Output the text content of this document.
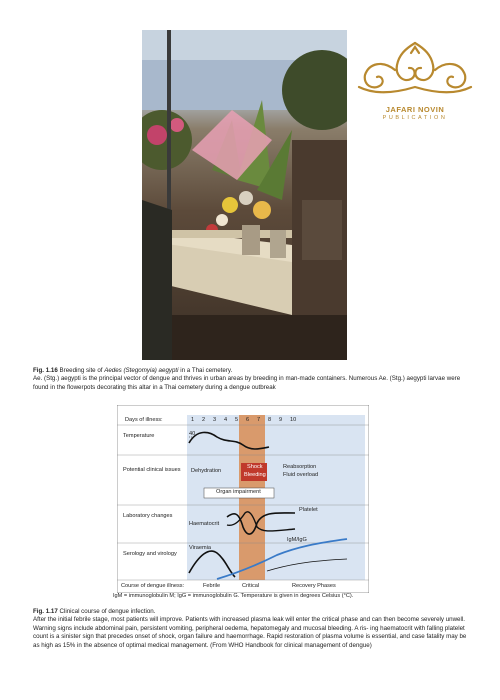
JAFARI NOVIN
PUBLICATION
Fig. 1.16 Breeding site of Aedes (Stegomyia) aegypti in a Thai cemetery.
Ae. (Stg.) aegypti is the principal vector of dengue and thrives in urban areas by breeding in man-made containers. Numerous Ae. (Stg.) aegypti larvae were found in the flowerpots decorating this altar in a Thai cemetery during a dengue outbreak
Days of illness:	1 2 3 4 5 6 7 8 9 10
Temperature	40
Potential clinical issues
Laboratory changes
Serology and virology
Dehydration
Shock
Bleeding
Reabsorption
Fluid overload
Organ impairment
Platelet
Haematocrit
Viraemia
IgM/IgG
Course of dengue illness:	Febrile	Critical	Recovery Phases
IgM = immunoglobulin M; IgG = immunoglobulin G. Temperature is given in degrees Celsius (°C).
Fig. 1.17 Clinical course of dengue infection.
After the initial febrile stage, most patients will improve. Patients with increased plasma leak will enter the critical phase and can then become severely unwell. Warning signs include abdominal pain, persistent vomiting, peripheral oedema, hepatomegaly and mucosal bleeding. A ris- ing haematocrit with falling platelet count is a sinister sign that precedes onset of shock, organ failure and haemorrhage. Rapid restoration of plasma volume is essential, and case fatality may be as high as 15% in the absence of optimal medical management. (From WHO Handbook for clinical management of dengue)
